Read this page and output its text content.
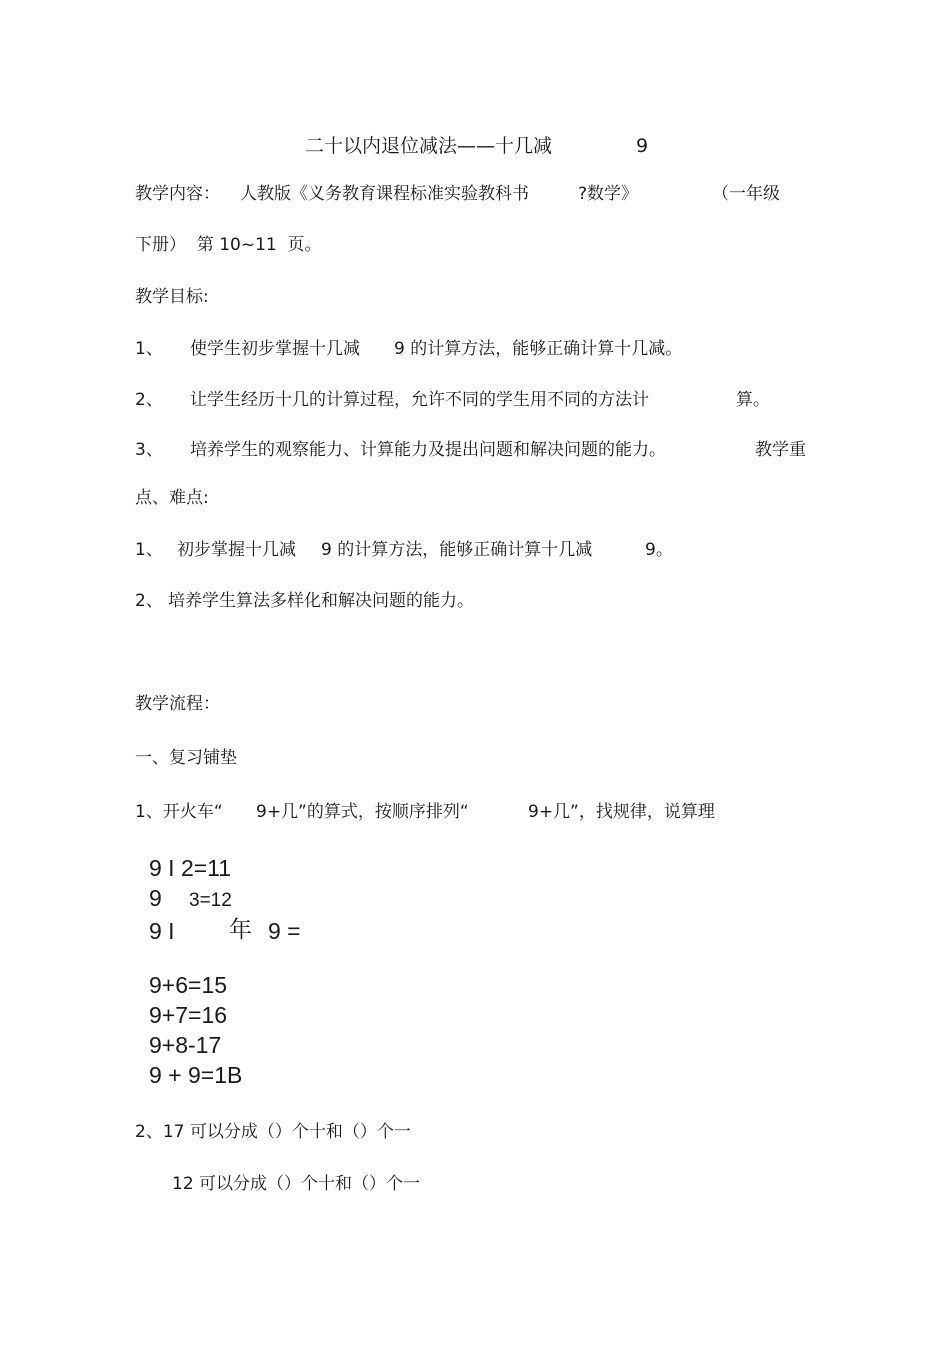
二十以内退位减法——十几减	9
教学内容： 人教版《义务教育课程标准实验教科书	?数学》	（一年级
下册）  第 10~11  页。
教学目标:
1、 使学生初步掌握十几减 9 的计算方法，能够正确计算十几减。
2、 让学生经历十几的计算过程，允许不同的学生用不同的方法计	算。
3、 培养学生的观察能力、计算能力及提出问题和解决问题的能力。	教学重
点、难点:
1、 初步掌握十几减 9 的计算方法，能够正确计算十几减	9。
2、 培养学生算法多样化和解决问题的能力。
教学流程：
一、复习铺垫
1、开火车“ 9+几”的算式，按顺序排列“	9+几”，找规律，说算理
9 I 2=11
9 3=12
9 I 年 9 =
9+6=15
9+7=16
9+8-17
9 + 9=1B
2、17 可以分成（）个十和（）个一
12 可以分成（）个十和（）个一
